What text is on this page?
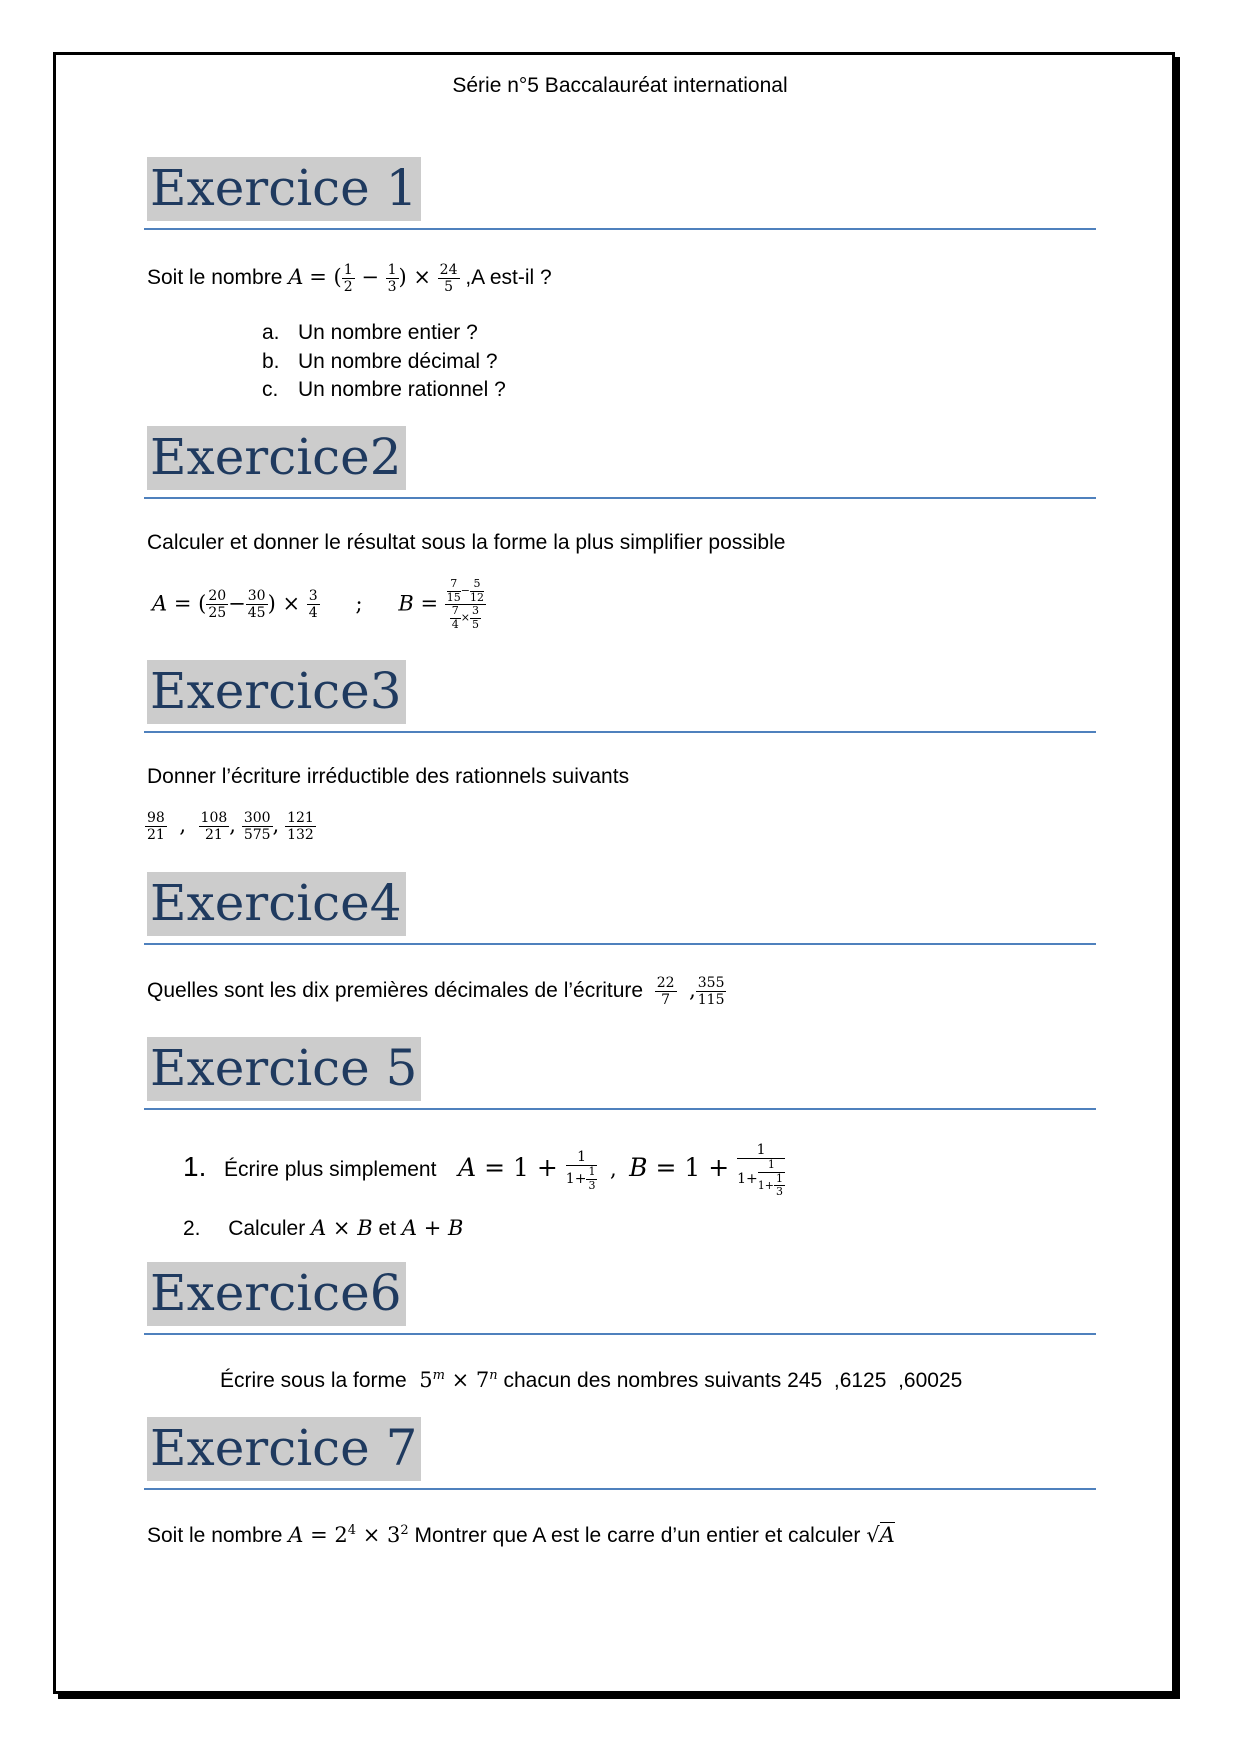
Série n°5 Baccalauréat international
Exercice 1
Soit le nombre A = ( $\frac{1}{2} - \frac{1}{3}$ ) × $\frac{24}{5} ,A$ est-il ?
a. Un nombre entier ?
b. Un nombre décimal ?
c. Un nombre rationnel ?
Exercice2
Calculer et donner le résultat sous la forme la plus simplifier possible
A = ( $\frac{20}{25} - \frac{30}{45}$ ) × $\frac{3}{4}$ ; $B = \frac{\frac{7}{15} - \frac{5}{12}}{\frac{7}{4} \times \frac{3}{5}}$
Exercice3
Donner l’écriture irréductible des rationnels suivants
$\frac{98}{21}$ , $\frac{108}{21}$ , $\frac{300}{575}$ , $\frac{121}{132}$
Exercice4
Quelles sont les dix premières décimales de l’écriture $\frac{22}{7}$ , $\frac{355}{115}$
Exercice 5
1. Écrire plus simplement $A = 1 + \frac{1}{1+ \frac{1}{3}}$ ,  $B = 1 + \frac{1}{1+ \frac{1}{1+ \frac{1}{3}}}$
2. Calculer A × B et A + B
Exercice6
Écrire sous la forme  $5^m \times 7^n$ chacun des nombres suivants 245  ,6125  ,60025
Exercice 7
Soit le nombre $A = 2^4 \times 3^2$ Montrer que A est le carre d’un entier et calculer √A
